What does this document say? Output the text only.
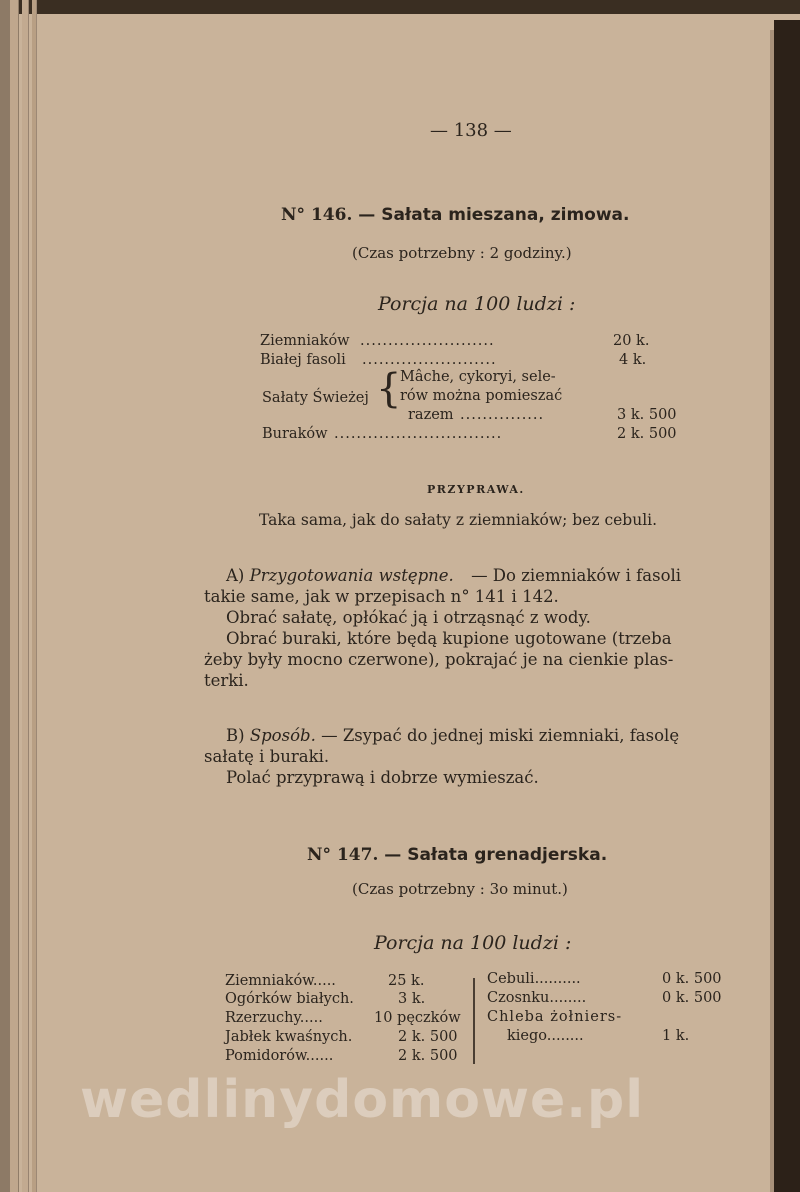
— 138 —
N° 146. — Sałata mieszana, zimowa.
(Czas potrzebny : 2 godziny.)
Porcja na 100 ludzi :
Ziemniaków ........................	20 k.
Białej fasoli ........................	4 k.
Sałaty Świeżej {
Mâche, cykoryi, sele-
rów można pomieszać
razem ...............	3 k. 500
Buraków ..............................	2 k. 500
PRZYPRAWA.
Taka sama, jak do sałaty z ziemniaków; bez cebuli.
A) Przygotowania wstępne. — Do ziemniaków i fasoli
takie same, jak w przepisach n° 141 i 142.
Obrać sałatę, opłókać ją i otrząsnąć z wody.
Obrać buraki, które będą kupione ugotowane (trzeba
żeby były mocno czerwone), pokrajać je na cienkie plas-
terki.
B) Sposób. — Zsypać do jednej miski ziemniaki, fasolę
sałatę i buraki.
Polać przyprawą i dobrze wymieszać.
N° 147. — Sałata grenadjerska.
(Czas potrzebny : 3o minut.)
Porcja na 100 ludzi :
Ziemniaków.....	25 k.
Ogórków białych.	3 k.
Rzerzuchy.....	10 pęczków
Jabłek kwaśnych.	2 k. 500
Pomidorów......	2 k. 500
Cebuli..........	0 k. 500
Czosnku........	0 k. 500
Chleba żołniers-
kiego........	1 k.
wedlinydomowe.pl
